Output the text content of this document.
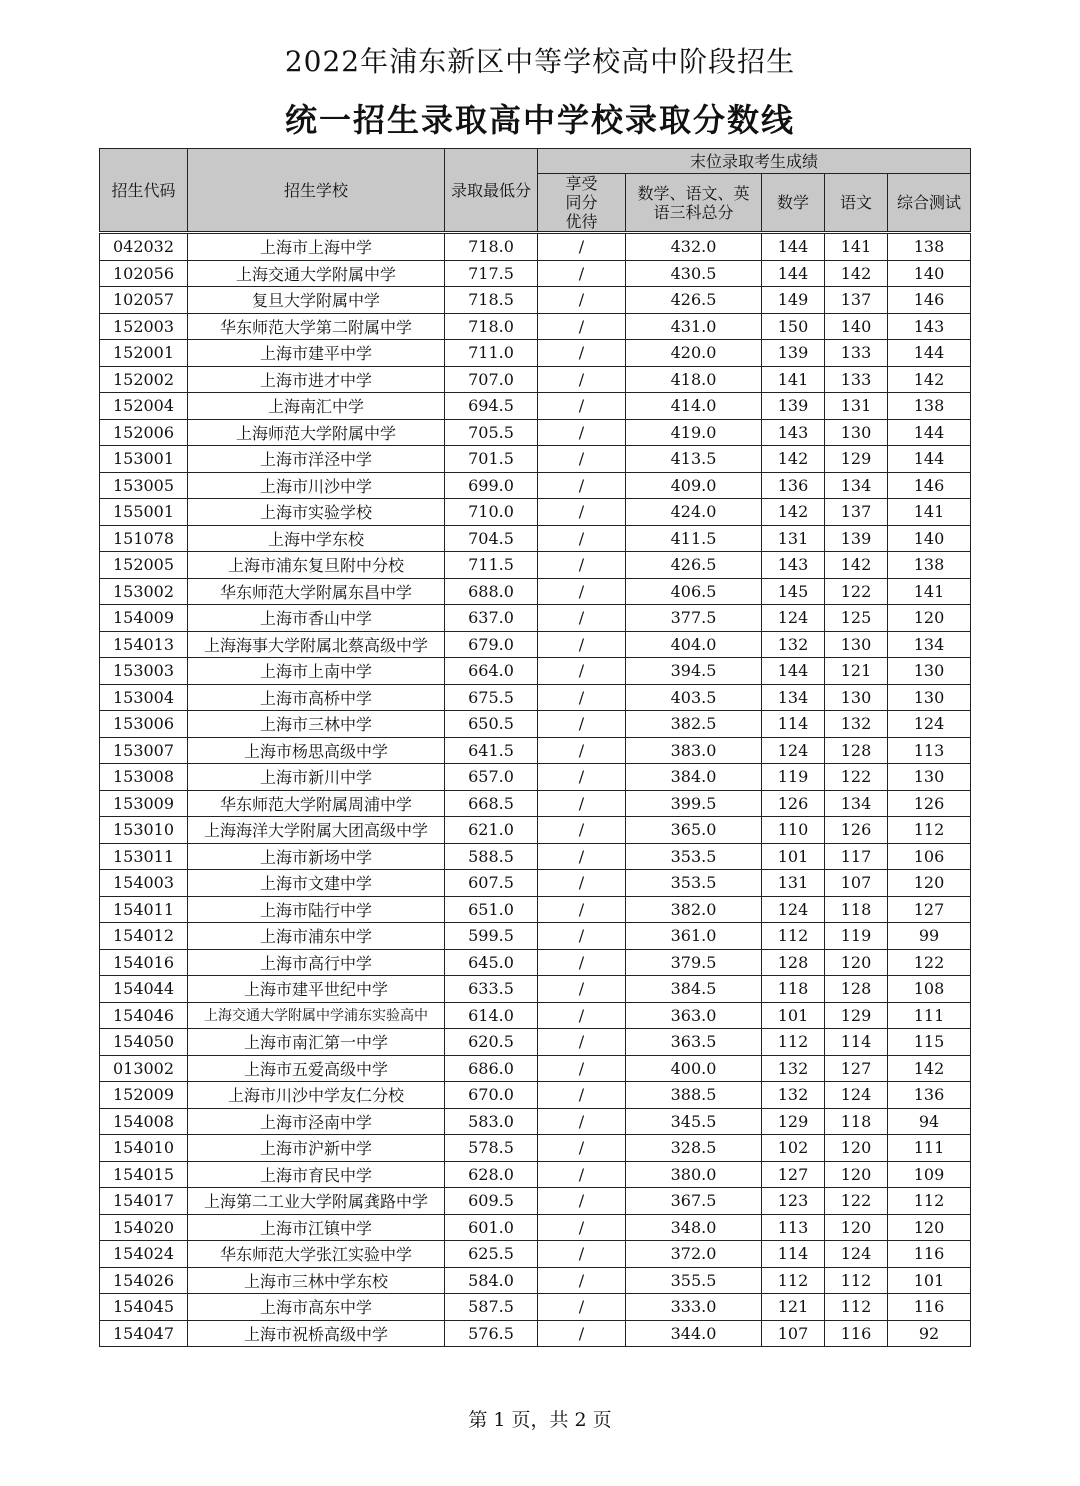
2022年浦东新区中等学校高中阶段招生
统一招生录取高中学校录取分数线
招生代码	招生学校	录取最低分	末位录取考生成绩				
			享受同分优待	数学、语文、英语三科总分	数学	语文	综合测试
042032	上海市上海中学	718.0	/	432.0	144	141	138
102056	上海交通大学附属中学	717.5	/	430.5	144	142	140
102057	复旦大学附属中学	718.5	/	426.5	149	137	146
152003	华东师范大学第二附属中学	718.0	/	431.0	150	140	143
152001	上海市建平中学	711.0	/	420.0	139	133	144
152002	上海市进才中学	707.0	/	418.0	141	133	142
152004	上海南汇中学	694.5	/	414.0	139	131	138
152006	上海师范大学附属中学	705.5	/	419.0	143	130	144
153001	上海市洋泾中学	701.5	/	413.5	142	129	144
153005	上海市川沙中学	699.0	/	409.0	136	134	146
155001	上海市实验学校	710.0	/	424.0	142	137	141
151078	上海中学东校	704.5	/	411.5	131	139	140
152005	上海市浦东复旦附中分校	711.5	/	426.5	143	142	138
153002	华东师范大学附属东昌中学	688.0	/	406.5	145	122	141
154009	上海市香山中学	637.0	/	377.5	124	125	120
154013	上海海事大学附属北蔡高级中学	679.0	/	404.0	132	130	134
153003	上海市上南中学	664.0	/	394.5	144	121	130
153004	上海市高桥中学	675.5	/	403.5	134	130	130
153006	上海市三林中学	650.5	/	382.5	114	132	124
153007	上海市杨思高级中学	641.5	/	383.0	124	128	113
153008	上海市新川中学	657.0	/	384.0	119	122	130
153009	华东师范大学附属周浦中学	668.5	/	399.5	126	134	126
153010	上海海洋大学附属大团高级中学	621.0	/	365.0	110	126	112
153011	上海市新场中学	588.5	/	353.5	101	117	106
154003	上海市文建中学	607.5	/	353.5	131	107	120
154011	上海市陆行中学	651.0	/	382.0	124	118	127
154012	上海市浦东中学	599.5	/	361.0	112	119	99
154016	上海市高行中学	645.0	/	379.5	128	120	122
154044	上海市建平世纪中学	633.5	/	384.5	118	128	108
154046	上海交通大学附属中学浦东实验高中	614.0	/	363.0	101	129	111
154050	上海市南汇第一中学	620.5	/	363.5	112	114	115
013002	上海市五爱高级中学	686.0	/	400.0	132	127	142
152009	上海市川沙中学友仁分校	670.0	/	388.5	132	124	136
154008	上海市泾南中学	583.0	/	345.5	129	118	94
154010	上海市沪新中学	578.5	/	328.5	102	120	111
154015	上海市育民中学	628.0	/	380.0	127	120	109
154017	上海第二工业大学附属龚路中学	609.5	/	367.5	123	122	112
154020	上海市江镇中学	601.0	/	348.0	113	120	120
154024	华东师范大学张江实验中学	625.5	/	372.0	114	124	116
154026	上海市三林中学东校	584.0	/	355.5	112	112	101
154045	上海市高东中学	587.5	/	333.0	121	112	116
154047	上海市祝桥高级中学	576.5	/	344.0	107	116	92
第 1 页，共 2 页
